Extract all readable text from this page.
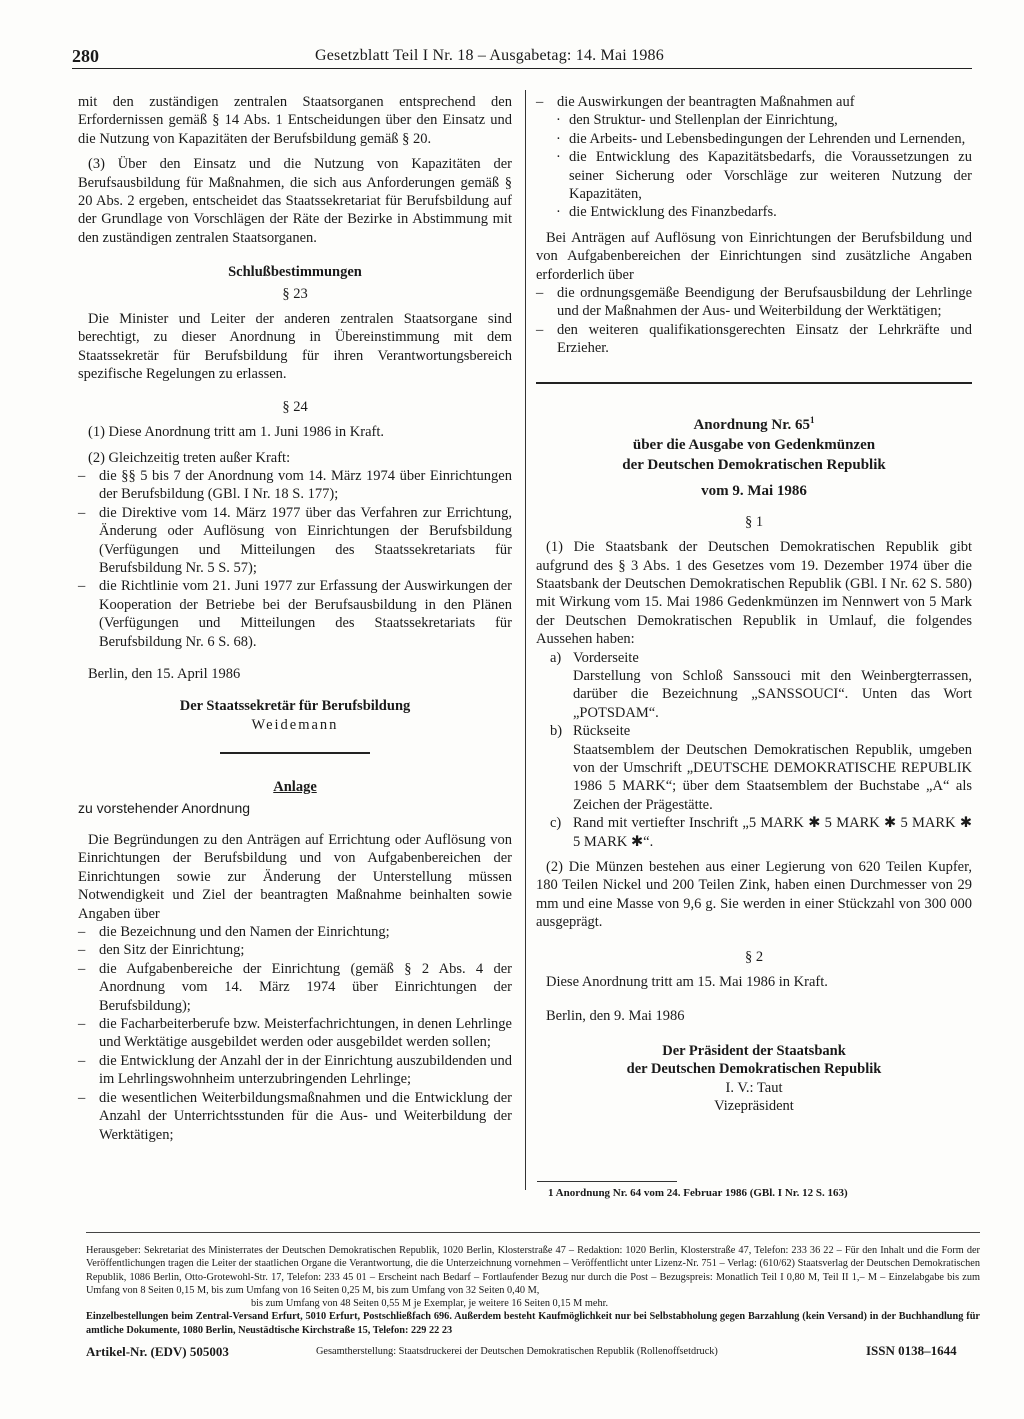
280	Gesetzblatt Teil I Nr. 18 – Ausgabetag: 14. Mai 1986

mit den zuständigen zentralen Staatsorganen entsprechend den Erfordernissen gemäß § 14 Abs. 1 Entscheidungen über den Einsatz und die Nutzung von Kapazitäten der Berufsbildung gemäß § 20.

(3) Über den Einsatz und die Nutzung von Kapazitäten der Berufsausbildung für Maßnahmen, die sich aus Anforderungen gemäß § 20 Abs. 2 ergeben, entscheidet das Staatssekretariat für Berufsbildung auf der Grundlage von Vorschlägen der Räte der Bezirke in Abstimmung mit den zuständigen zentralen Staatsorganen.

Schlußbestimmungen

§ 23

Die Minister und Leiter der anderen zentralen Staatsorgane sind berechtigt, zu dieser Anordnung in Übereinstimmung mit dem Staatssekretär für Berufsbildung für ihren Verantwortungsbereich spezifische Regelungen zu erlassen.

§ 24

(1) Diese Anordnung tritt am 1. Juni 1986 in Kraft.

(2) Gleichzeitig treten außer Kraft:

– die §§ 5 bis 7 der Anordnung vom 14. März 1974 über Einrichtungen der Berufsbildung (GBl. I Nr. 18 S. 177);

– die Direktive vom 14. März 1977 über das Verfahren zur Errichtung, Änderung oder Auflösung von Einrichtungen der Berufsbildung (Verfügungen und Mitteilungen des Staatssekretariats für Berufsbildung Nr. 5 S. 57);

– die Richtlinie vom 21. Juni 1977 zur Erfassung der Auswirkungen der Kooperation der Betriebe bei der Berufsausbildung in den Plänen (Verfügungen und Mitteilungen des Staatssekretariats für Berufsbildung Nr. 6 S. 68).

Berlin, den 15. April 1986

Der Staatssekretär für Berufsbildung

Weidemann

Anlage

zu vorstehender Anordnung

Die Begründungen zu den Anträgen auf Errichtung oder Auflösung von Einrichtungen der Berufsbildung und von Aufgabenbereichen der Einrichtungen sowie zur Änderung der Unterstellung müssen Notwendigkeit und Ziel der beantragten Maßnahme beinhalten sowie Angaben über

– die Bezeichnung und den Namen der Einrichtung;

– den Sitz der Einrichtung;

– die Aufgabenbereiche der Einrichtung (gemäß § 2 Abs. 4 der Anordnung vom 14. März 1974 über Einrichtungen der Berufsbildung);

– die Facharbeiterberufe bzw. Meisterfachrichtungen, in denen Lehrlinge und Werktätige ausgebildet werden oder ausgebildet werden sollen;

– die Entwicklung der Anzahl der in der Einrichtung auszubildenden und im Lehrlingswohnheim unterzubringenden Lehrlinge;

– die wesentlichen Weiterbildungsmaßnahmen und die Entwicklung der Anzahl der Unterrichtsstunden für die Aus- und Weiterbildung der Werktätigen;

– die Auswirkungen der beantragten Maßnahmen auf

· den Struktur- und Stellenplan der Einrichtung,

· die Arbeits- und Lebensbedingungen der Lehrenden und Lernenden,

· die Entwicklung des Kapazitätsbedarfs, die Voraussetzungen zu seiner Sicherung oder Vorschläge zur weiteren Nutzung der Kapazitäten,

· die Entwicklung des Finanzbedarfs.

Bei Anträgen auf Auflösung von Einrichtungen der Berufsbildung und von Aufgabenbereichen der Einrichtungen sind zusätzliche Angaben erforderlich über

– die ordnungsgemäße Beendigung der Berufsausbildung der Lehrlinge und der Maßnahmen der Aus- und Weiterbildung der Werktätigen;

– den weiteren qualifikationsgerechten Einsatz der Lehrkräfte und Erzieher.

Anordnung Nr. $65^1$

über die Ausgabe von Gedenkmünzen

der Deutschen Demokratischen Republik

vom 9. Mai 1986

§ 1

(1) Die Staatsbank der Deutschen Demokratischen Republik gibt aufgrund des § 3 Abs. 1 des Gesetzes vom 19. Dezember 1974 über die Staatsbank der Deutschen Demokratischen Republik (GBl. I Nr. 62 S. 580) mit Wirkung vom 15. Mai 1986 Gedenkmünzen im Nennwert von 5 Mark der Deutschen Demokratischen Republik in Umlauf, die folgendes Aussehen haben:

a) Vorderseite

Darstellung von Schloß Sanssouci mit den Weinbergterrassen, darüber die Bezeichnung „SANSSOUCI“. Unten das Wort „POTSDAM“.

b) Rückseite

Staatsemblem der Deutschen Demokratischen Republik, umgeben von der Umschrift „DEUTSCHE DEMOKRATISCHE REPUBLIK 1986 5 MARK“; über dem Staatsemblem der Buchstabe „A“ als Zeichen der Prägestätte.

c) Rand mit vertiefter Inschrift „5 MARK ✱ 5 MARK ✱ 5 MARK ✱ 5 MARK ✱“.

(2) Die Münzen bestehen aus einer Legierung von 620 Teilen Kupfer, 180 Teilen Nickel und 200 Teilen Zink, haben einen Durchmesser von 29 mm und eine Masse von 9,6 g. Sie werden in einer Stückzahl von 300 000 ausgeprägt.

§ 2

Diese Anordnung tritt am 15. Mai 1986 in Kraft.

Berlin, den 9. Mai 1986

Der Präsident der Staatsbank

der Deutschen Demokratischen Republik

I. V.: Taut

Vizepräsident

1 Anordnung Nr. 64 vom 24. Februar 1986 (GBl. I Nr. 12 S. 163)

Herausgeber: Sekretariat des Ministerrates der Deutschen Demokratischen Republik, 1020 Berlin, Klosterstraße 47 – Redaktion: 1020 Berlin, Klosterstraße 47, Telefon: 233 36 22 – Für den Inhalt und die Form der Veröffentlichungen tragen die Leiter der staatlichen Organe die Verantwortung, die die Unterzeichnung vornehmen – Veröffentlicht unter Lizenz-Nr. 751 – Verlag: (610/62) Staatsverlag der Deutschen Demokratischen Republik, 1086 Berlin, Otto-Grotewohl-Str. 17, Telefon: 233 45 01 – Erscheint nach Bedarf – Fortlaufender Bezug nur durch die Post – Bezugspreis: Monatlich Teil I 0,80 M, Teil II 1,– M – Einzelabgabe bis zum Umfang von 8 Seiten 0,15 M, bis zum Umfang von 16 Seiten 0,25 M, bis zum Umfang von 32 Seiten 0,40 M,

bis zum Umfang von 48 Seiten 0,55 M je Exemplar, je weitere 16 Seiten 0,15 M mehr.

Einzelbestellungen beim Zentral-Versand Erfurt, 5010 Erfurt, Postschließfach 696. Außerdem besteht Kaufmöglichkeit nur bei Selbstabholung gegen Barzahlung (kein Versand) in der Buchhandlung für amtliche Dokumente, 1080 Berlin, Neustädtische Kirchstraße 15, Telefon: 229 22 23

Artikel-Nr. (EDV) 505003	Gesamtherstellung: Staatsdruckerei der Deutschen Demokratischen Republik (Rollenoffsetdruck)	ISSN 0138–1644
